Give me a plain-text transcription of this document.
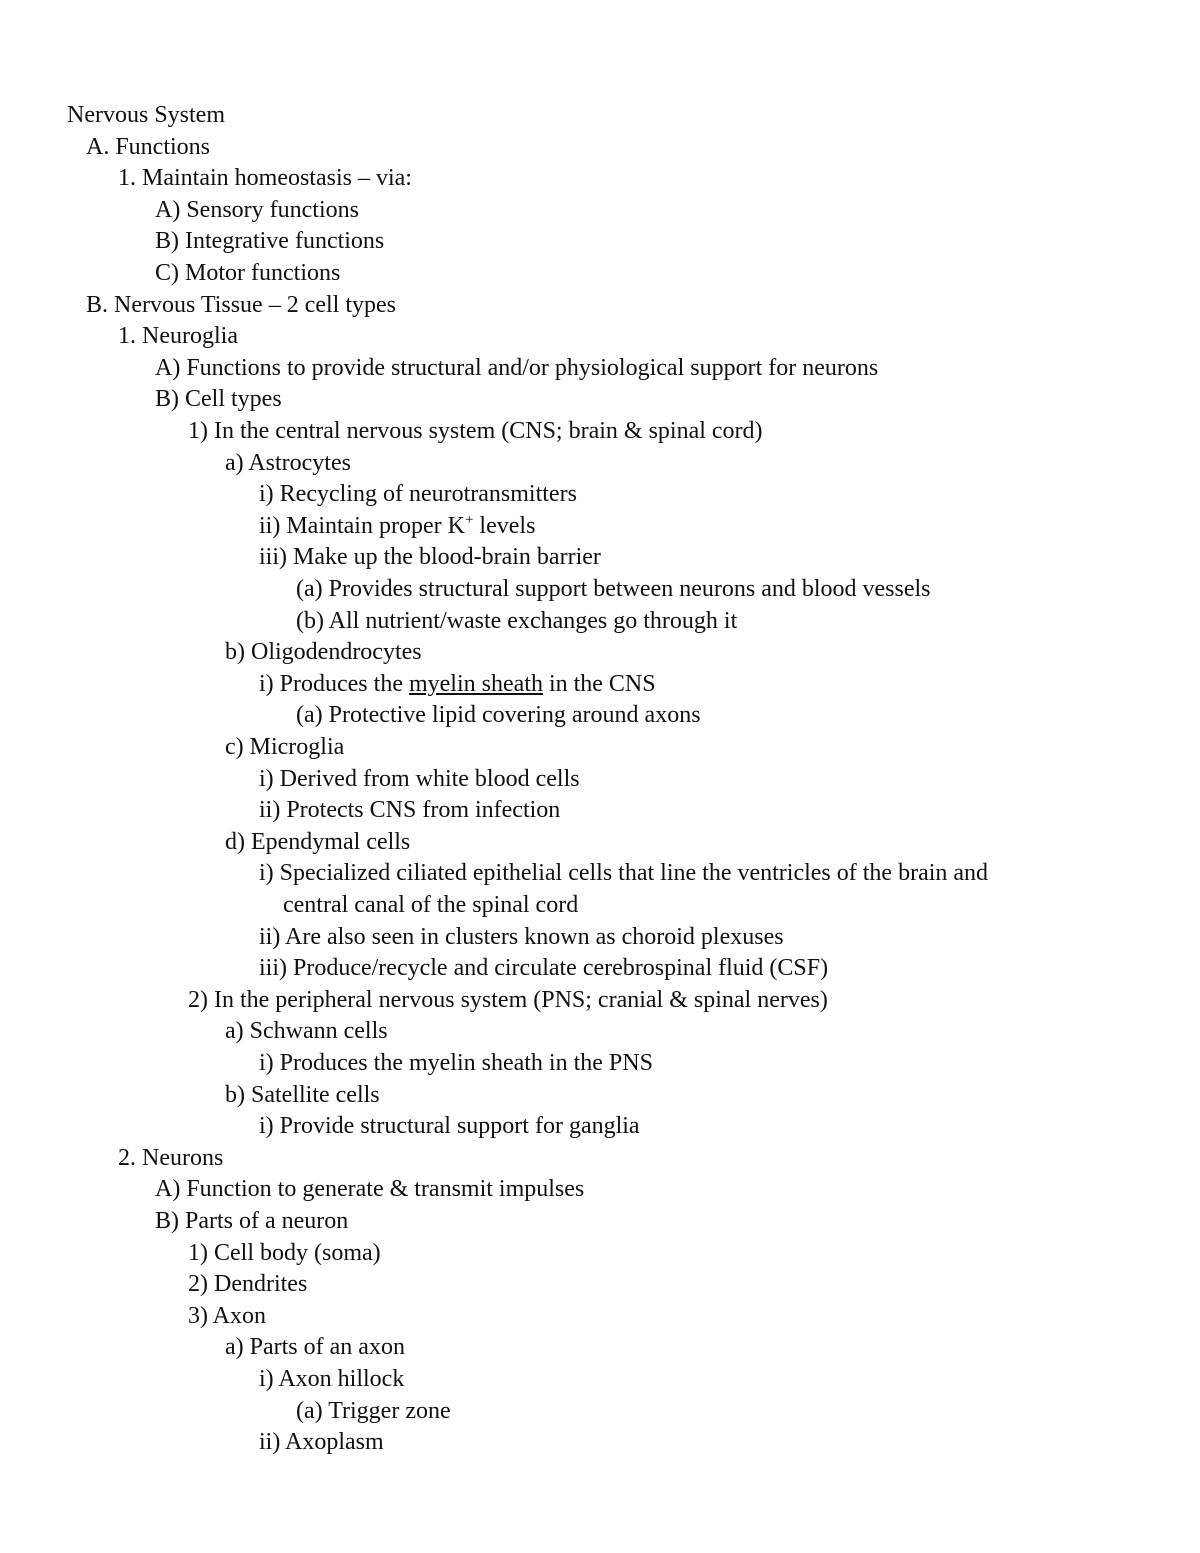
Nervous System
A. Functions
1. Maintain homeostasis – via:
A) Sensory functions
B) Integrative functions
C) Motor functions
B. Nervous Tissue – 2 cell types
1. Neuroglia
A) Functions to provide structural and/or physiological support for neurons
B) Cell types
1) In the central nervous system (CNS; brain & spinal cord)
a) Astrocytes
i) Recycling of neurotransmitters
ii) Maintain proper K+ levels
iii) Make up the blood-brain barrier
(a) Provides structural support between neurons and blood vessels
(b) All nutrient/waste exchanges go through it
b) Oligodendrocytes
i) Produces the myelin sheath in the CNS
(a) Protective lipid covering around axons
c) Microglia
i) Derived from white blood cells
ii) Protects CNS from infection
d) Ependymal cells
i) Specialized ciliated epithelial cells that line the ventricles of the brain and
central canal of the spinal cord
ii) Are also seen in clusters known as choroid plexuses
iii) Produce/recycle and circulate cerebrospinal fluid (CSF)
2) In the peripheral nervous system (PNS; cranial & spinal nerves)
a) Schwann cells
i) Produces the myelin sheath in the PNS
b) Satellite cells
i) Provide structural support for ganglia
2. Neurons
A) Function to generate & transmit impulses
B) Parts of a neuron
1) Cell body (soma)
2) Dendrites
3) Axon
a) Parts of an axon
i) Axon hillock
(a) Trigger zone
ii) Axoplasm
